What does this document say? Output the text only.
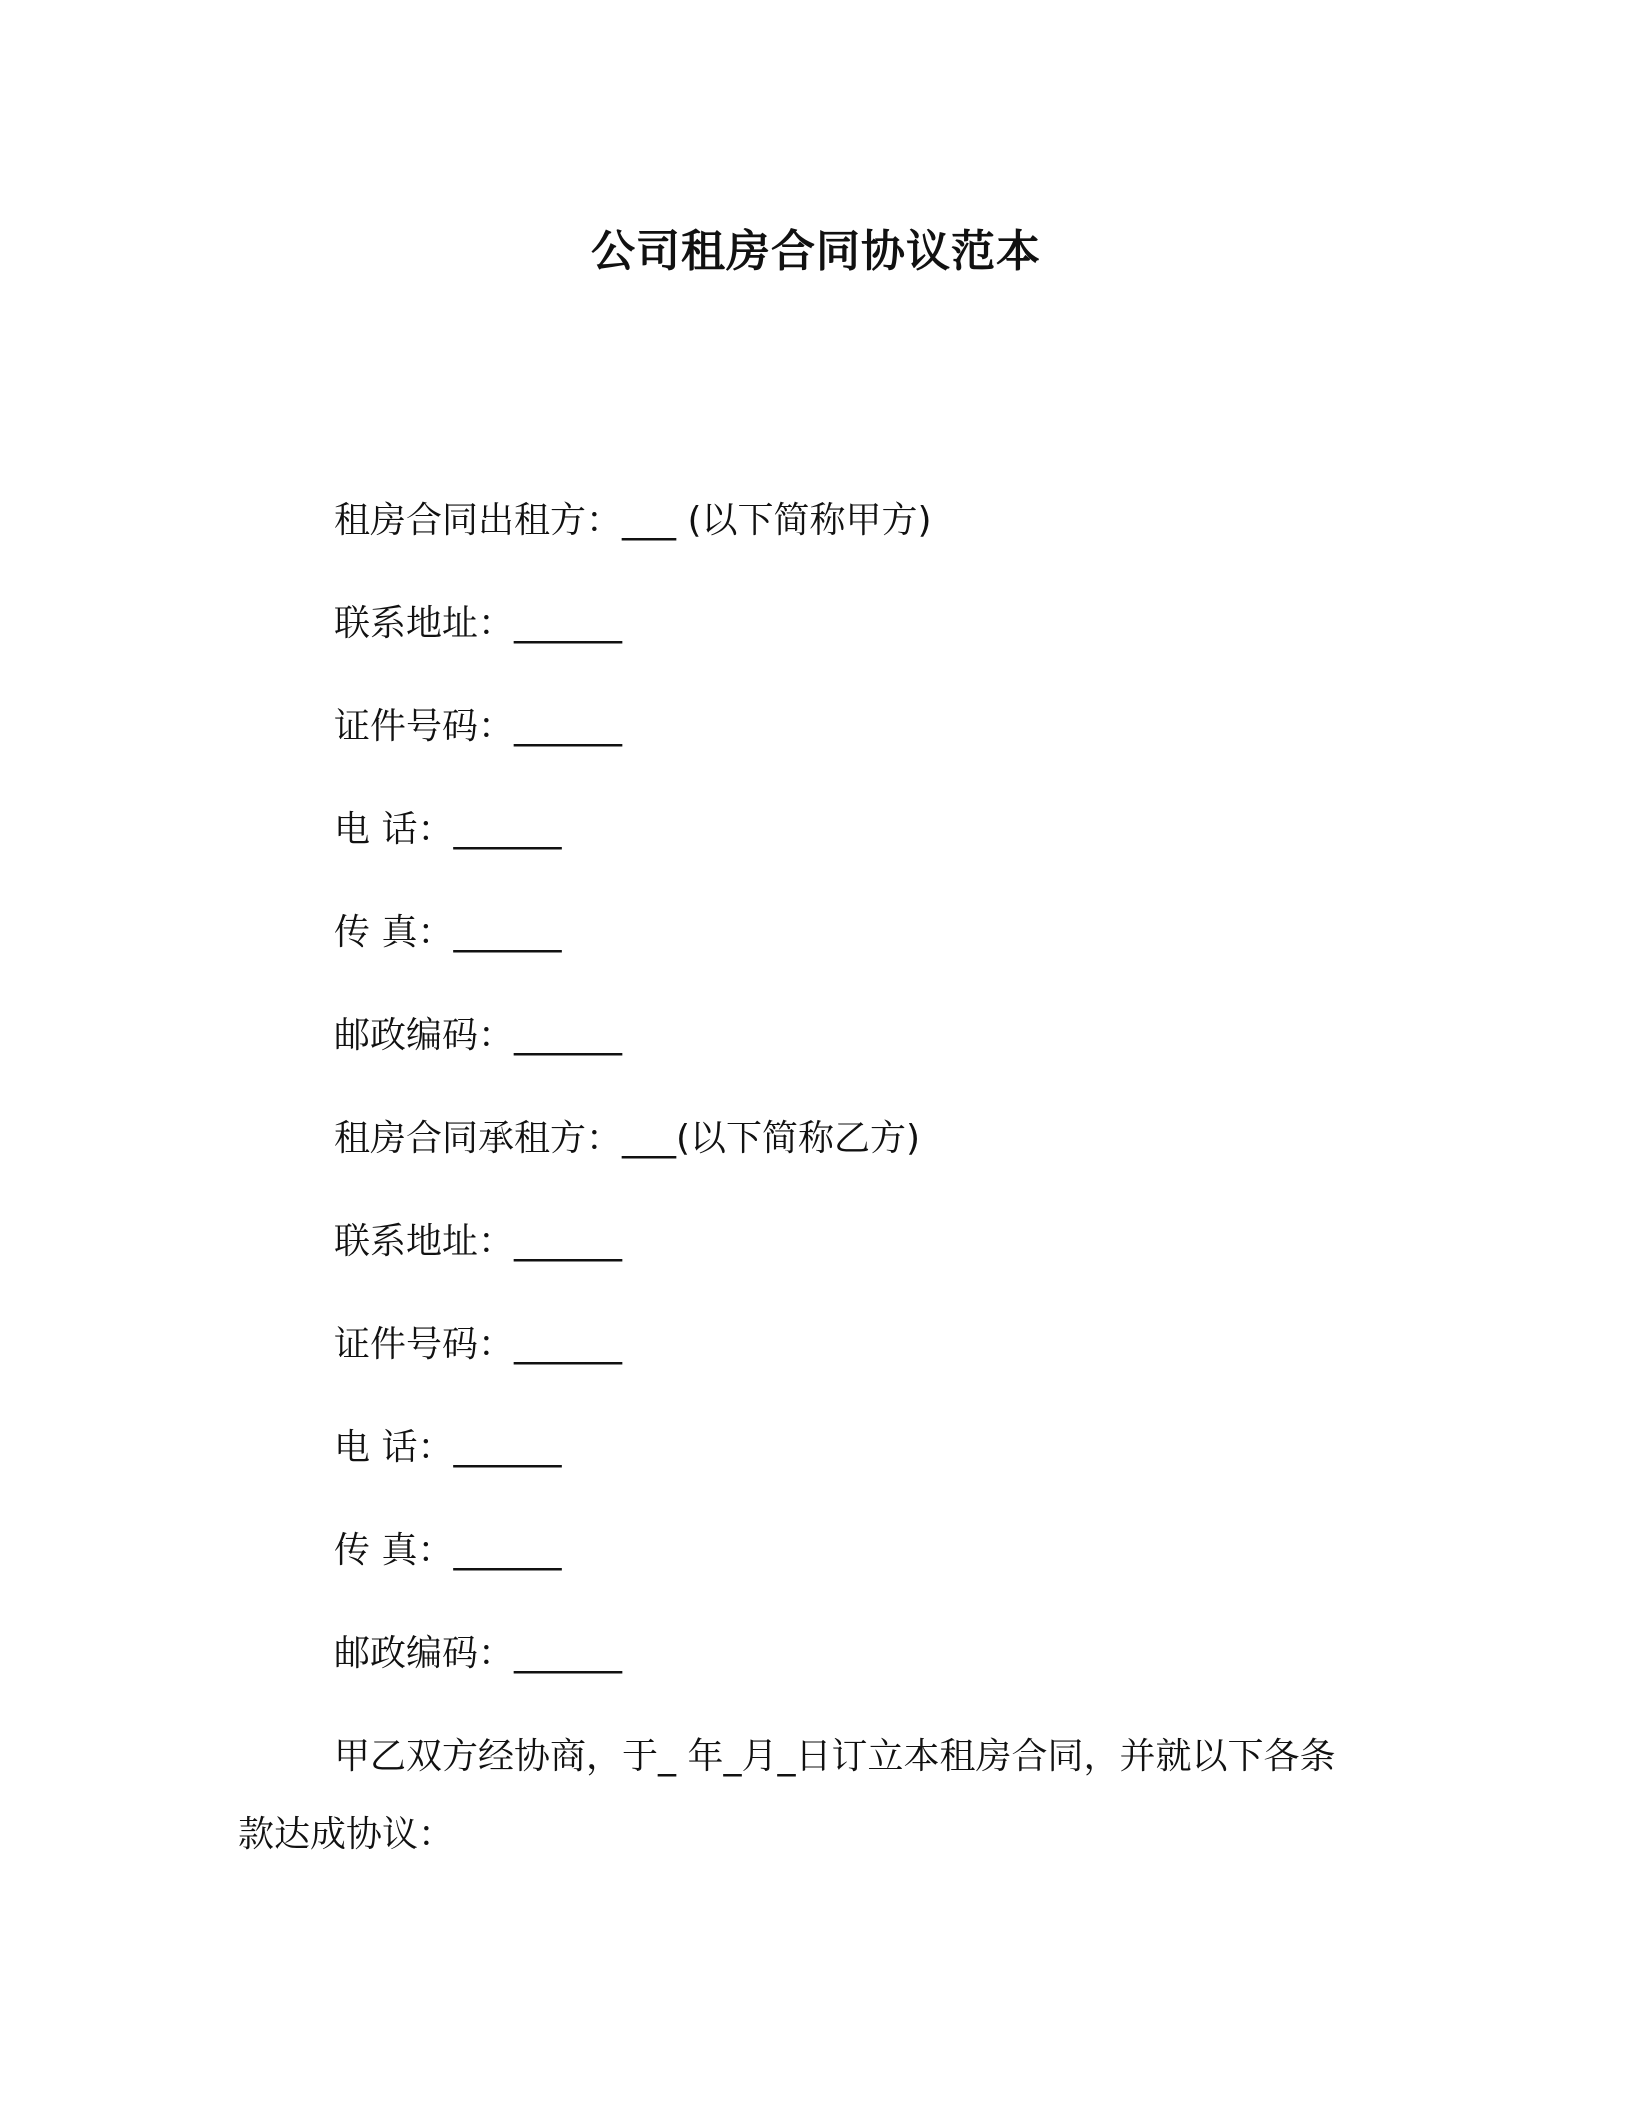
公司租房合同协议范本
租房合同出租方：___ (以下简称甲方)
联系地址：______
证件号码：______
电 话：______
传 真：______
邮政编码：______
租房合同承租方：___(以下简称乙方)
联系地址：______
证件号码：______
电 话：______
传 真：______
邮政编码：______
甲乙双方经协商，于_ 年_月_日订立本租房合同，并就以下各条
款达成协议：
